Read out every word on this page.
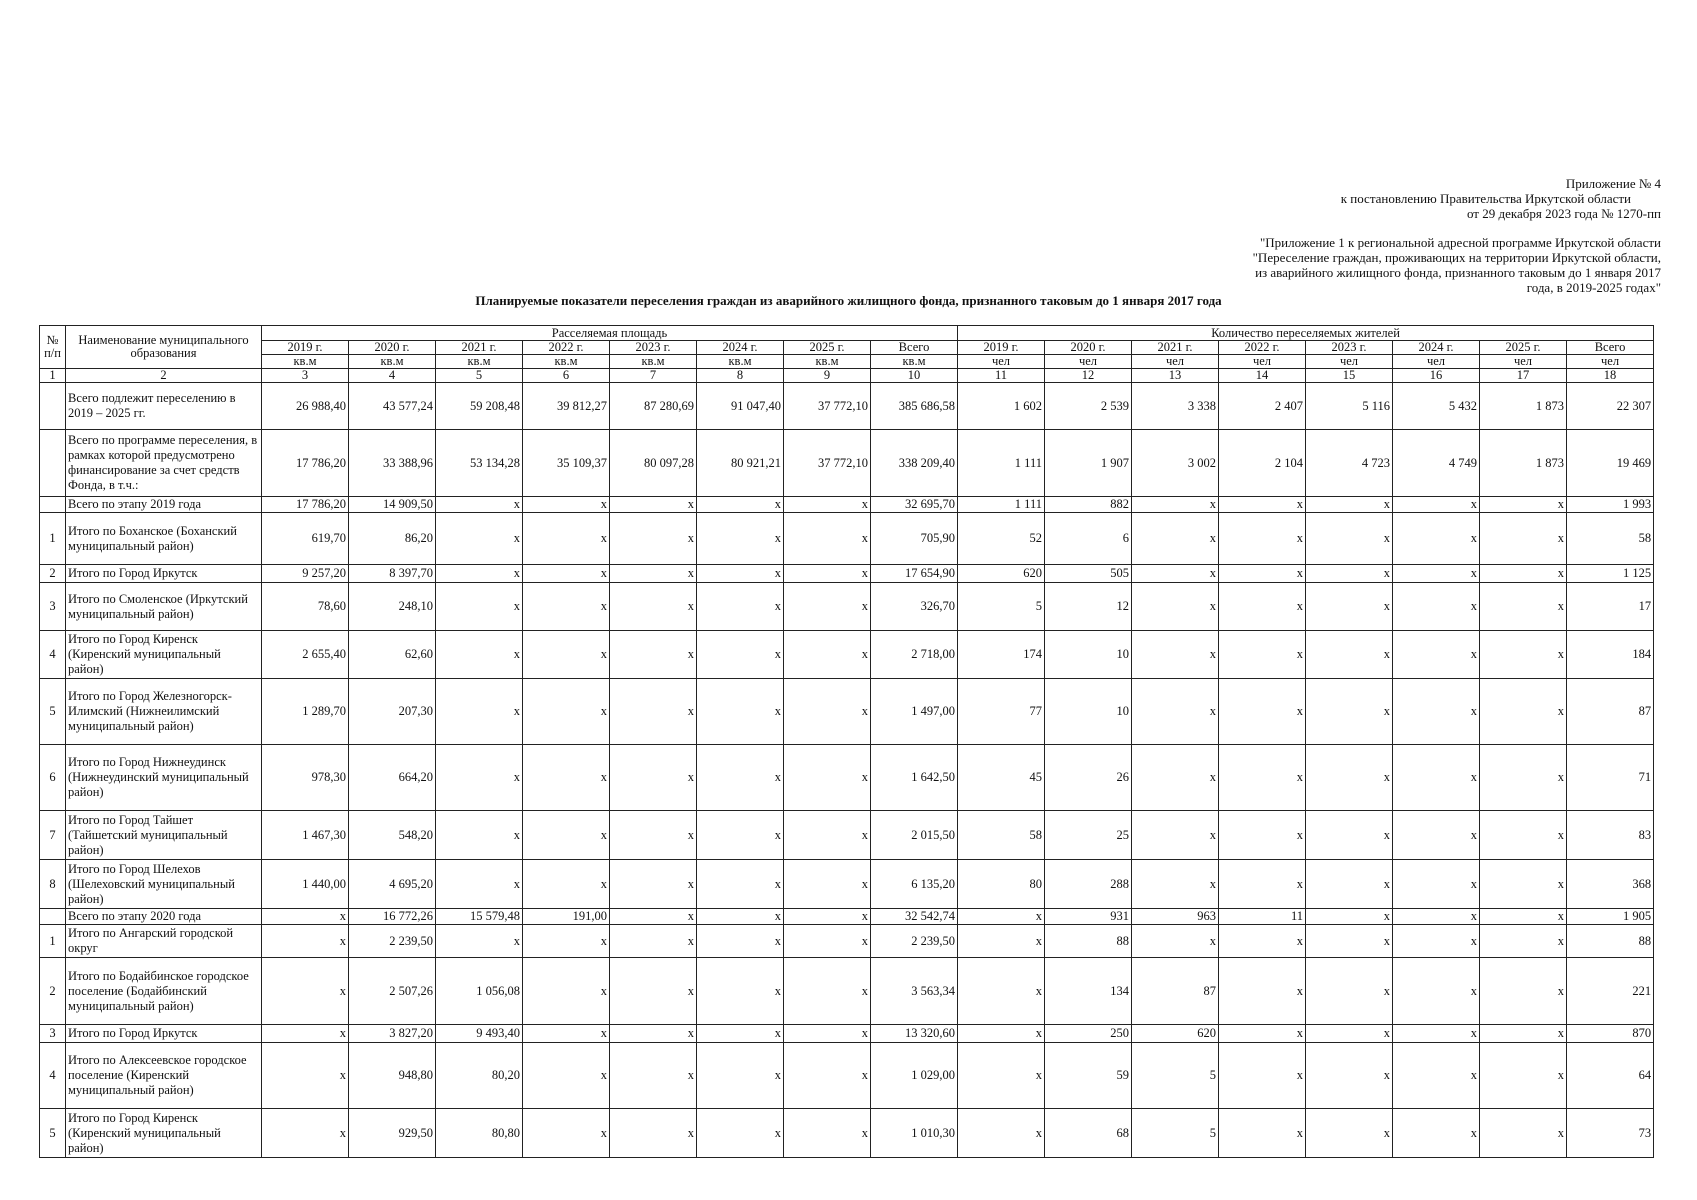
Приложение № 4
к постановлению Правительства Иркутской области
от 29 декабря 2023 года № 1270-пп
"Приложение 1 к региональной адресной программе Иркутской области
"Переселение граждан, проживающих на территории Иркутской области,
из аварийного жилищного фонда, признанного таковым до 1 января 2017
года, в 2019-2025 годах"
Планируемые показатели переселения граждан из аварийного жилищного фонда, признанного таковым до 1 января 2017 года
№ п/п	Наименование муниципального образования	Расселяемая площадь								Количество переселяемых жителей							
		2019 г.	2020 г.	2021 г.	2022 г.	2023 г.	2024 г.	2025 г.	Всего	2019 г.	2020 г.	2021 г.	2022 г.	2023 г.	2024 г.	2025 г.	Всего
		кв.м	кв.м	кв.м	кв.м	кв.м	кв.м	кв.м	кв.м	чел	чел	чел	чел	чел	чел	чел	чел
1	2	3	4	5	6	7	8	9	10	11	12	13	14	15	16	17	18
	Всего подлежит переселению в 2019 – 2025 гг.	26 988,40	43 577,24	59 208,48	39 812,27	87 280,69	91 047,40	37 772,10	385 686,58	1 602	2 539	3 338	2 407	5 116	5 432	1 873	22 307
	Всего по программе переселения, в рамках которой предусмотрено финансирование за счет средств Фонда, в т.ч.:	17 786,20	33 388,96	53 134,28	35 109,37	80 097,28	80 921,21	37 772,10	338 209,40	1 111	1 907	3 002	2 104	4 723	4 749	1 873	19 469
	Всего по этапу 2019 года	17 786,20	14 909,50	х	х	х	х	х	32 695,70	1 111	882	х	х	х	х	х	1 993
1	Итого по Боханское (Боханский муниципальный район)	619,70	86,20	х	х	х	х	х	705,90	52	6	х	х	х	х	х	58
2	Итого по Город Иркутск	9 257,20	8 397,70	х	х	х	х	х	17 654,90	620	505	х	х	х	х	х	1 125
3	Итого по Смоленское (Иркутский муниципальный район)	78,60	248,10	х	х	х	х	х	326,70	5	12	х	х	х	х	х	17
4	Итого по Город Киренск (Киренский муниципальный район)	2 655,40	62,60	х	х	х	х	х	2 718,00	174	10	х	х	х	х	х	184
5	Итого по Город Железногорск-Илимский (Нижнеилимский муниципальный район)	1 289,70	207,30	х	х	х	х	х	1 497,00	77	10	х	х	х	х	х	87
6	Итого по Город Нижнеудинск (Нижнеудинский муниципальный район)	978,30	664,20	х	х	х	х	х	1 642,50	45	26	х	х	х	х	х	71
7	Итого по Город Тайшет (Тайшетский муниципальный район)	1 467,30	548,20	х	х	х	х	х	2 015,50	58	25	х	х	х	х	х	83
8	Итого по Город Шелехов (Шелеховский муниципальный район)	1 440,00	4 695,20	х	х	х	х	х	6 135,20	80	288	х	х	х	х	х	368
	Всего по этапу 2020 года	х	16 772,26	15 579,48	191,00	х	х	х	32 542,74	х	931	963	11	х	х	х	1 905
1	Итого по Ангарский городской округ	х	2 239,50	х	х	х	х	х	2 239,50	х	88	х	х	х	х	х	88
2	Итого по Бодайбинское городское поселение (Бодайбинский муниципальный район)	х	2 507,26	1 056,08	х	х	х	х	3 563,34	х	134	87	х	х	х	х	221
3	Итого по Город Иркутск	х	3 827,20	9 493,40	х	х	х	х	13 320,60	х	250	620	х	х	х	х	870
4	Итого по Алексеевское городское поселение (Киренский муниципальный район)	х	948,80	80,20	х	х	х	х	1 029,00	х	59	5	х	х	х	х	64
5	Итого по Город Киренск (Киренский муниципальный район)	х	929,50	80,80	х	х	х	х	1 010,30	х	68	5	х	х	х	х	73
